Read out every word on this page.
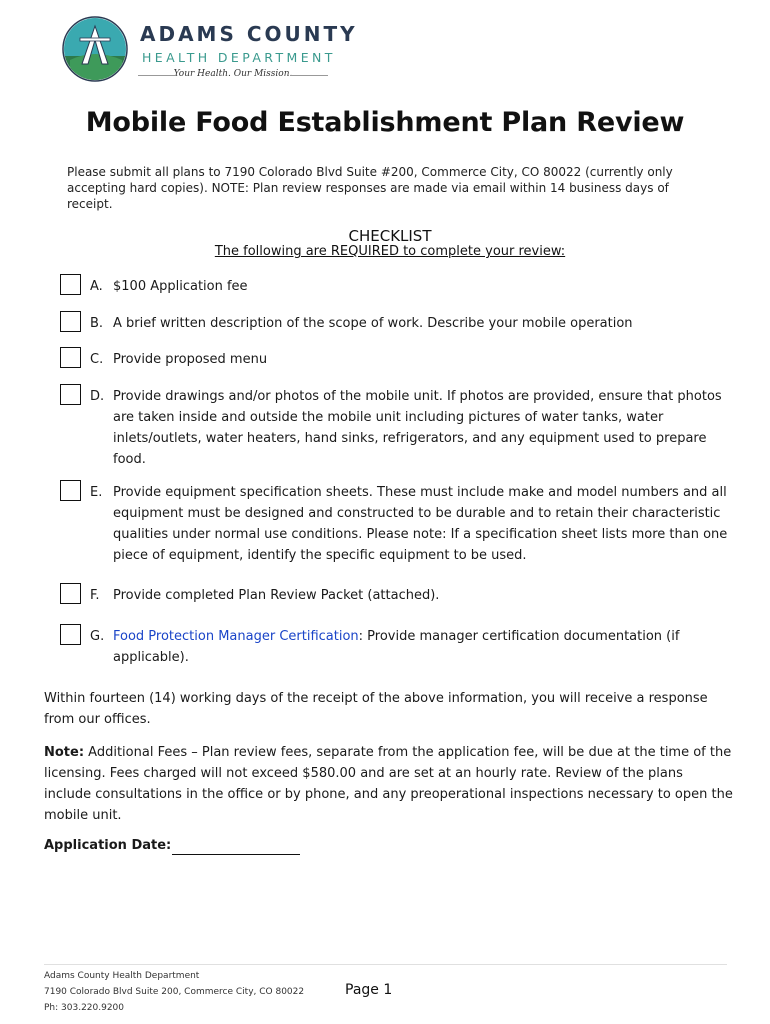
ADAMS COUNTY
HEALTH DEPARTMENT
Your Health. Our Mission.
Mobile Food Establishment Plan Review
Please submit all plans to 7190 Colorado Blvd Suite #200, Commerce City, CO 80022 (currently only accepting hard copies). NOTE: Plan review responses are made via email within 14 business days of receipt.
CHECKLIST
The following are REQUIRED to complete your review:
A. $100 Application fee
B. A brief written description of the scope of work. Describe your mobile operation
C. Provide proposed menu
D. Provide drawings and/or photos of the mobile unit. If photos are provided, ensure that photos are taken inside and outside the mobile unit including pictures of water tanks, water inlets/outlets, water heaters, hand sinks, refrigerators, and any equipment used to prepare food.
E. Provide equipment specification sheets. These must include make and model numbers and all equipment must be designed and constructed to be durable and to retain their characteristic qualities under normal use conditions. Please note: If a specification sheet lists more than one piece of equipment, identify the specific equipment to be used.
F. Provide completed Plan Review Packet (attached).
G. Food Protection Manager Certification: Provide manager certification documentation (if applicable).
Within fourteen (14) working days of the receipt of the above information, you will receive a response from our offices.
Note: Additional Fees – Plan review fees, separate from the application fee, will be due at the time of the licensing. Fees charged will not exceed $580.00 and are set at an hourly rate. Review of the plans include consultations in the office or by phone, and any preoperational inspections necessary to open the mobile unit.
Application Date:
Adams County Health Department
7190 Colorado Blvd Suite 200, Commerce City, CO 80022
Ph: 303.220.9200
Page 1
